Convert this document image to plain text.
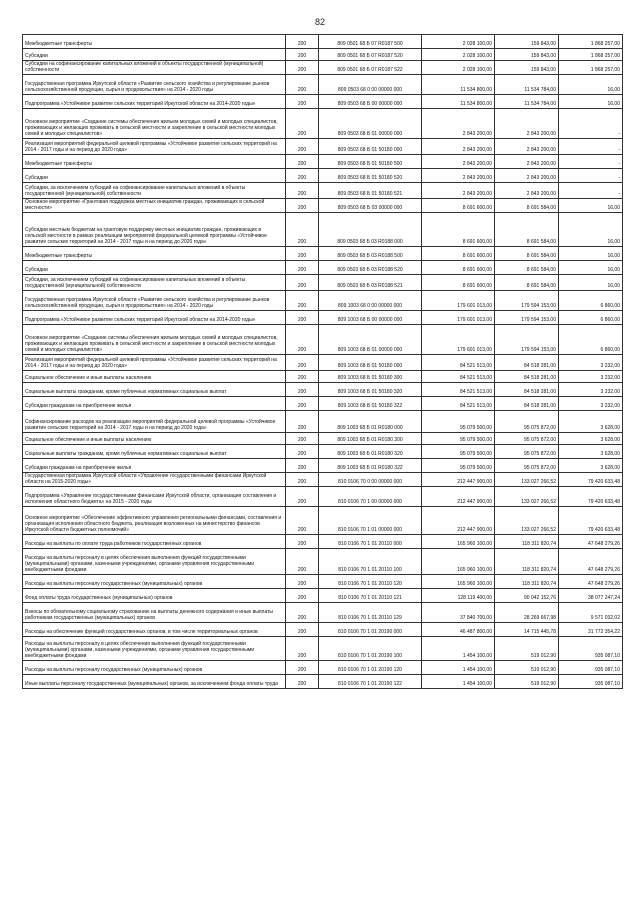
82
Межбюджетные трансферты	200	809 0501 68 Б 07 R0187 500	2 028 100,00	159 843,00	1 868 257,00
Субсидии	200	809 0501 68 Б 07 R0187 520	2 028 100,00	159 843,00	1 868 257,00
Субсидии на софинансирование капитальных вложений в объекты государственной (муниципальной) собственности	200	809 0501 68 Б 07 R0187 522	2 028 100,00	159 843,00	1 868 257,00
Государственная программа Иркутской области «Развитие сельского хозяйства и регулирование рынков сельскохозяйственной продукции, сырья и продовольствия» на 2014 - 2020 годы	200	809 0503 68 0 00 00000 000	11 534 800,00	11 534 784,00	16,00
Подпрограмма «Устойчивое развитие сельских территорий Иркутской области на 2014-2020 годы»	200	809 0503 68 Б 00 00000 000	11 534 800,00	11 534 784,00	16,00
Основное мероприятие «Создание системы обеспечения жильем молодых семей и молодых специалистов, проживающих и желающих проживать в сельской местности и закрепление в сельской местности молодых семей и молодых специалистов»	200	809 0503 68 Б 01 00000 000	2 843 200,00	2 843 200,00	-
Реализация мероприятий федеральной целевой программы «Устойчивое развитие сельских территорий на 2014 - 2017 годы и на период до 2020 года»	200	809 0503 68 Б 01 50180 000	2 843 200,00	2 843 200,00	-
Межбюджетные трансферты	200	809 0503 68 Б 01 50180 500	2 843 200,00	2 843 200,00	-
Субсидии	200	809 0503 68 Б 01 50180 520	2 843 200,00	2 843 200,00	-
Субсидии, за исключением субсидий на софинансирование капитальных вложений в объекты государственной (муниципальной) собственности	200	809 0503 68 Б 01 50180 521	2 843 200,00	2 843 200,00	-
Основное мероприятие «Грантовая поддержка местных инициатив граждан, проживающих в сельской местности»	200	809 0503 68 Б 03 00000 000	8 691 600,00	8 691 584,00	16,00
Субсидии местным бюджетам на грантовую поддержку местных инициатив граждан, проживающих в сельской местности в рамках реализации мероприятий федеральной целевой программы «Устойчивое развитие сельских территорий на 2014 - 2017 годы и на период до 2020 года»	200	809 0503 68 Б 03 R0188 000	8 691 600,00	8 691 584,00	16,00
Межбюджетные трансферты	200	809 0503 68 Б 03 R0188 500	8 691 600,00	8 691 584,00	16,00
Субсидии	200	809 0503 68 Б 03 R0188 520	8 691 600,00	8 691 584,00	16,00
Субсидии, за исключением субсидий на софинансирование капитальных вложений в объекты государственной (муниципальной) собственности	200	809 0503 68 Б 03 R0188 521	8 691 600,00	8 691 584,00	16,00
Государственная программа Иркутской области «Развитие сельского хозяйства и регулирование рынков сельскохозяйственной продукции, сырья и продовольствия» на 2014 - 2020 годы	200	809 1003 68 0 00 00000 000	179 601 013,00	179 594 153,00	6 860,00
Подпрограмма «Устойчивое развитие сельских территорий Иркутской области на 2014-2020 годы»	200	809 1003 68 Б 00 00000 000	179 601 013,00	179 594 153,00	6 860,00
Основное мероприятие «Создание системы обеспечения жильем молодых семей и молодых специалистов, проживающих и желающих проживать в сельской местности и закрепление в сельской местности молодых семей и молодых специалистов»	200	809 1003 68 Б 01 00000 000	179 601 013,00	179 594 153,00	6 860,00
Реализация мероприятий федеральной целевой программы «Устойчивое развитие сельских территорий на 2014 - 2017 годы и на период до 2020 года»	200	809 1003 68 Б 01 50180 000	84 521 513,00	84 518 281,00	3 232,00
Социальное обеспечение и иные выплаты населению	200	809 1003 68 Б 01 50180 300	84 521 513,00	84 518 281,00	3 232,00
Социальные выплаты гражданам, кроме публичных нормативных социальных выплат	200	809 1003 68 Б 01 50180 320	84 521 513,00	84 518 281,00	3 232,00
Субсидии гражданам на приобретение жилья	200	809 1003 68 Б 01 50180 322	84 521 513,00	84 518 281,00	3 232,00
Софинансирование расходов на реализацию мероприятий федеральной целевой программы «Устойчивое развитие сельских территорий на 2014 - 2017 годы и на период до 2020 года»	200	809 1003 68 Б 01 R0180 000	95 079 500,00	95 075 872,00	3 628,00
Социальное обеспечение и иные выплаты населению	200	809 1003 68 Б 01 R0180 300	95 079 500,00	95 075 872,00	3 628,00
Социальные выплаты гражданам, кроме публичных нормативных социальных выплат	200	809 1003 68 Б 01 R0180 320	95 079 500,00	95 075 872,00	3 628,00
Субсидии гражданам на приобретение жилья	200	809 1003 68 Б 01 R0180 322	95 079 500,00	95 075 872,00	3 628,00
Государственная программа Иркутской области «Управление государственными финансами Иркутской области на 2015-2020 годы»	200	810 0106 70 0 00 00000 000	212 447 900,00	133 027 266,52	79 420 633,48
Подпрограмма «Управление государственными финансами Иркутской области, организация составления и исполнения областного бюджета» на 2015 - 2020 годы	200	810 0106 70 1 00 00000 000	212 447 900,00	133 027 266,52	79 420 633,48
Основное мероприятие «Обеспечение эффективного управления региональными финансами, составления и организация исполнения областного бюджета, реализация возложенных на министерство финансов Иркутской области бюджетных полномочий»	200	810 0106 70 1 01 00000 000	212 447 900,00	133 027 266,52	79 420 633,48
Расходы на выплаты по оплате труда работников государственных органов	200	810 0106 70 1 01 20110 000	165 960 100,00	118 311 820,74	47 648 279,26
Расходы на выплаты персоналу в целях обеспечения выполнения функций государственными (муниципальными) органами, казенными учреждениями, органами управления государственными внебюджетными фондами	200	810 0106 70 1 01 20110 100	165 960 100,00	118 311 820,74	47 648 279,26
Расходы на выплаты персоналу государственных (муниципальных) органов	200	810 0106 70 1 01 20110 120	165 960 100,00	118 311 820,74	47 648 279,26
Фонд оплаты труда государственных (муниципальных) органов	200	810 0106 70 1 01 20110 121	128 119 400,00	90 042 152,76	38 077 247,24
Взносы по обязательному социальному страхованию на выплаты денежного содержания и иные выплаты работникам государственных (муниципальных) органов	200	810 0106 70 1 01 20110 129	37 840 700,00	28 269 667,98	9 571 032,02
Расходы на обеспечение функций государственных органов, в том числе территориальных органов	200	810 0106 70 1 01 20190 000	46 487 800,00	14 715 445,78	31 772 354,22
Расходы на выплаты персоналу в целях обеспечения выполнения функций государственными (муниципальными) органами, казенными учреждениями, органами управления государственными внебюджетными фондами	200	810 0106 70 1 01 20190 100	1 454 100,00	519 012,90	935 087,10
Расходы на выплаты персоналу государственных (муниципальных) органов	200	810 0106 70 1 01 20190 120	1 454 100,00	519 012,90	935 087,10
Иные выплаты персоналу государственных (муниципальных) органов, за исключением фонда оплаты труда	200	810 0106 70 1 01 20190 122	1 454 100,00	519 012,90	935 087,10
